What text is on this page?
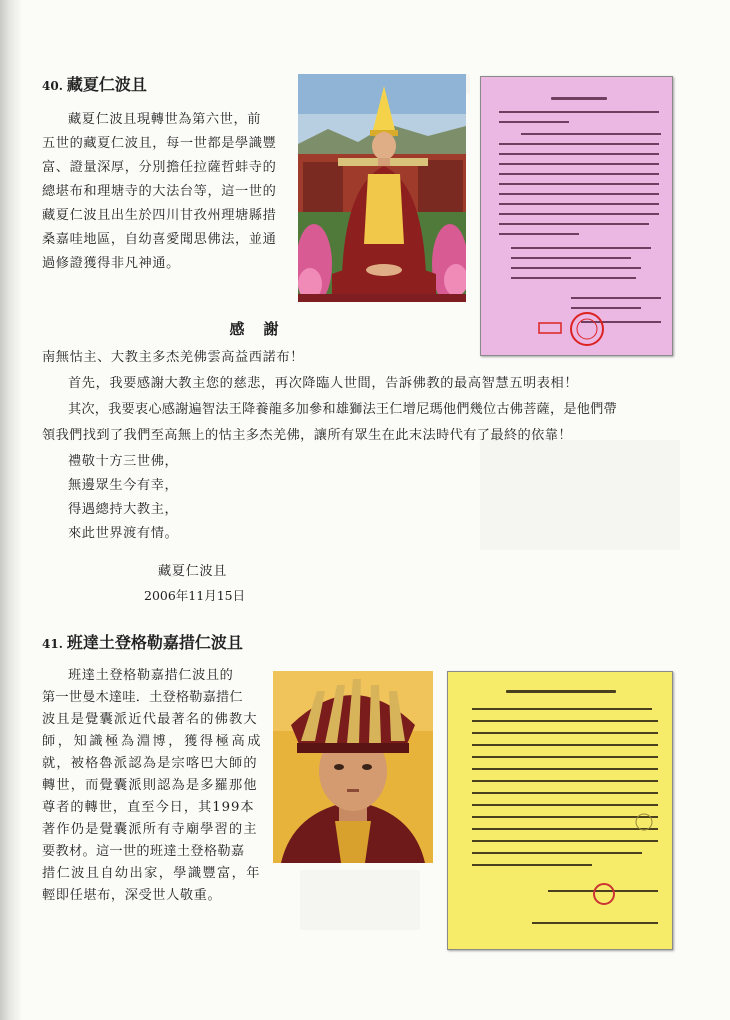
40. 藏夏仁波且
藏夏仁波且現轉世為第六世，前
五世的藏夏仁波且，每一世都是學識豐
富、證量深厚，分別擔任拉薩哲蚌寺的
總堪布和理塘寺的大法台等，這一世的
藏夏仁波且出生於四川甘孜州理塘縣措
桑嘉哇地區，自幼喜愛聞思佛法，並通
過修證獲得非凡神通。
感　謝
南無怙主、大教主多杰羌佛雲高益西諾布！
首先，我要感謝大教主您的慈悲，再次降臨人世間，告訴佛教的最高智慧五明表相！
其次，我要衷心感謝遍智法王降養龍多加參和雄獅法王仁增尼瑪他們幾位古佛菩薩，是他們帶
領我們找到了我們至高無上的怙主多杰羌佛，讓所有眾生在此末法時代有了最終的依靠！
禮敬十方三世佛，
無邊眾生今有幸，
得遇總持大教主，
來此世界渡有情。
藏夏仁波且
2006年11月15日
41. 班達土登格勒嘉措仁波且
班達土登格勒嘉措仁波且的
第一世曼木達哇．土登格勒嘉措仁
波且是覺囊派近代最著名的佛教大
師，知識極為淵博，獲得極高成
就，被格魯派認為是宗喀巴大師的
轉世，而覺囊派則認為是多羅那他
尊者的轉世，直至今日，其199本
著作仍是覺囊派所有寺廟學習的主
要教材。這一世的班達土登格勒嘉
措仁波且自幼出家，學識豐富，年
輕即任堪布，深受世人敬重。
